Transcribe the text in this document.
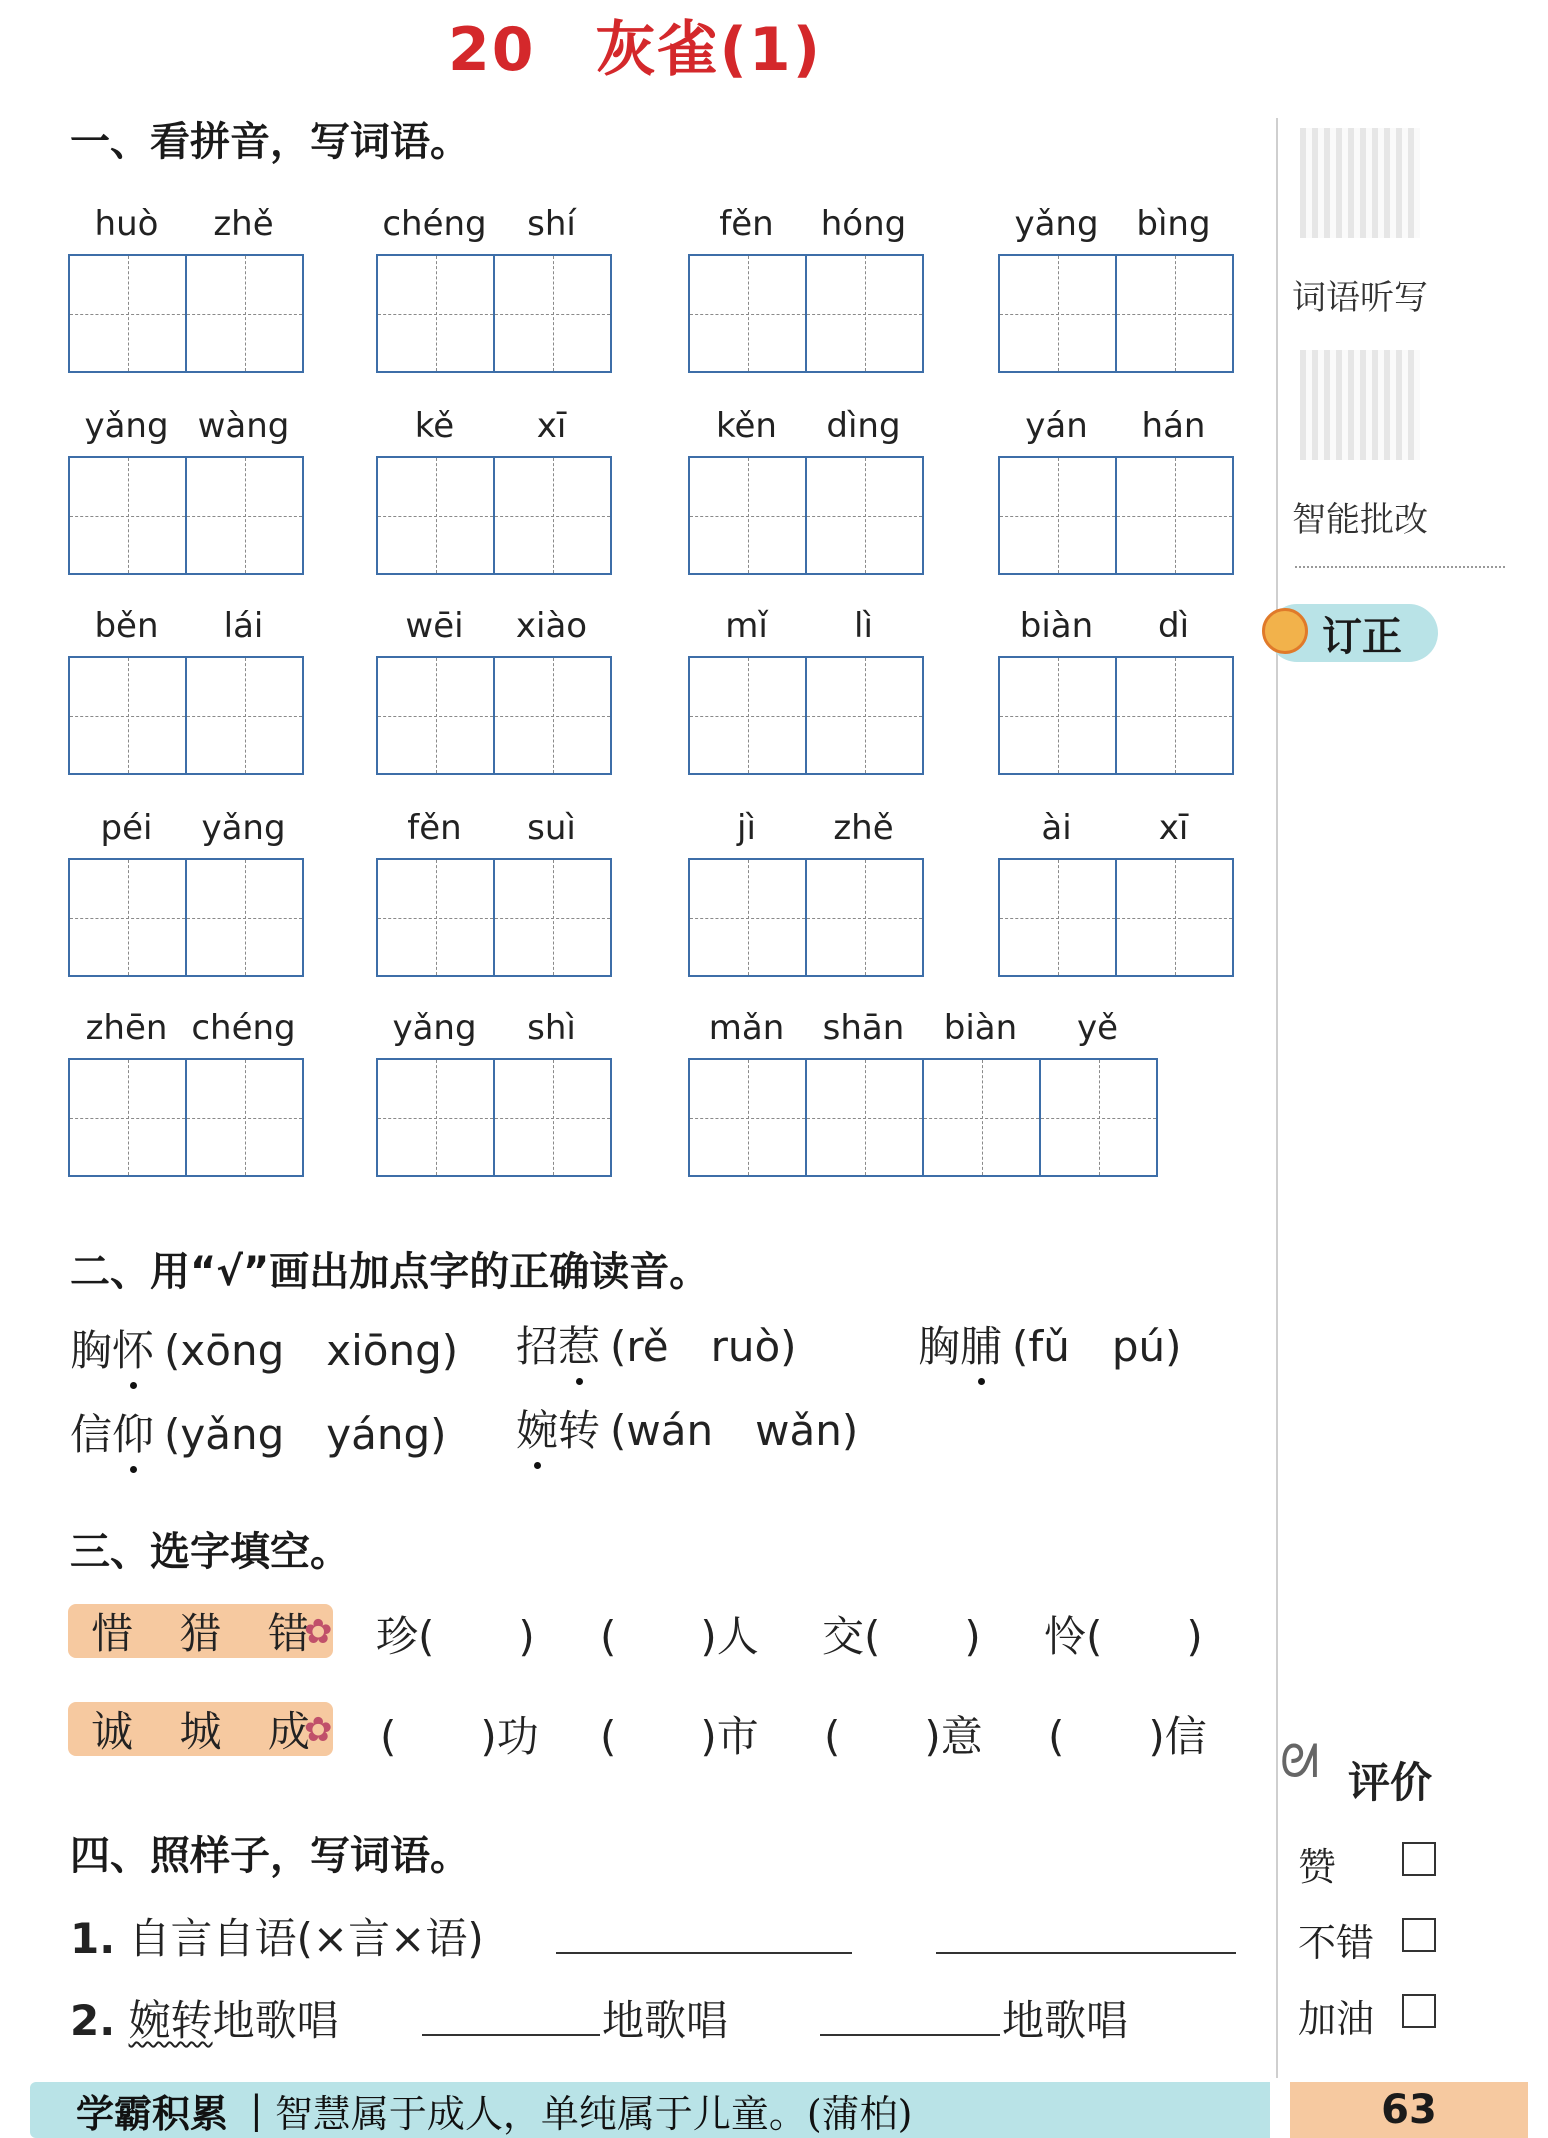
20 灰雀(1)
一、看拼音，写词语。
huò	zhě	chéng	shí	fěn	hóng	yǎng	bìng
yǎng wàng	kě	xī	kěn	dìng	yán	hán
běn	lái	wēi	xiào	mǐ	lì	biàn	dì
péi	yǎng	fěn	suì	jì	zhě	ài	xī
zhēn chéng	yǎng	shì	mǎn	shān	biàn	yě
二、用“√”画出加点字的正确读音。
胸怀 (xōng　xiōng) 招惹 (rě　ruò)	胸脯 (fǔ　pú)
信仰 (yǎng　yáng) 婉转 (wán　wǎn)
三、选字填空。
惜 猎 错
✿
诚 城 成
✿
珍(　　) (　　)人 交(　　) 怜(　　)
(　　)功 (　　)市 (　　)意 (　　)信
四、照样子，写词语。
1. 自言自语(×言×语)
2. 婉转地歌唱	地歌唱	地歌唱
词语听写
智能批改
订正
ᘛ 评价
赞
不错
加油
学霸积累 | 智慧属于成人，单纯属于儿童。(蒲柏)	63
